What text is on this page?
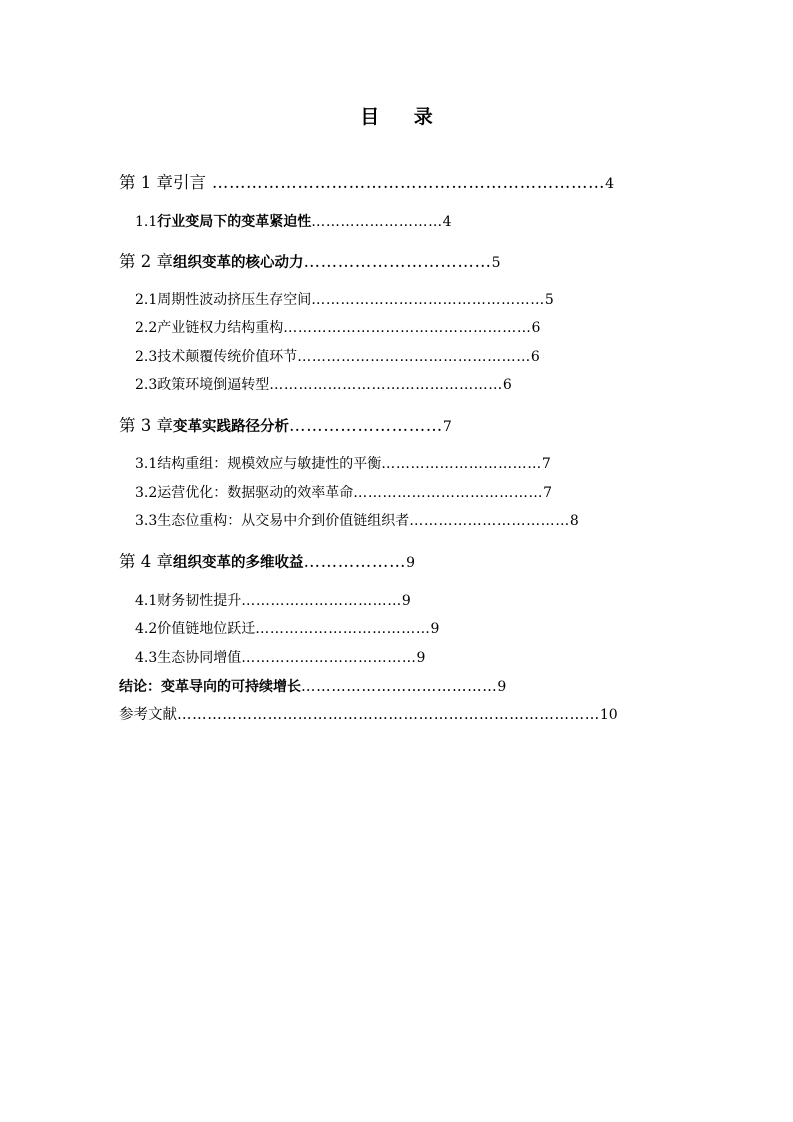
目 录
第 1 章引言 ……………………………………………………………4
1.1行业变局下的变革紧迫性………………………4
第 2 章组织变革的核心动力……………………………5
2.1周期性波动挤压生存空间…………………………………………5
2.2产业链权力结构重构……………………………………………6
2.3技术颠覆传统价值环节…………………………………………6
2.3政策环境倒逼转型…………………………………………6
第 3 章变革实践路径分析………………………7
3.1结构重组：规模效应与敏捷性的平衡……………………………7
3.2运营优化：数据驱动的效率革命…………………………………7
3.3生态位重构：从交易中介到价值链组织者……………………………8
第 4 章组织变革的多维收益………………9
4.1财务韧性提升……………………………9
4.2价值链地位跃迁………………………………9
4.3生态协同增值………………………………9
结论：变革导向的可持续增长…………………………………9
参考文献…………………………………………………………………………10
